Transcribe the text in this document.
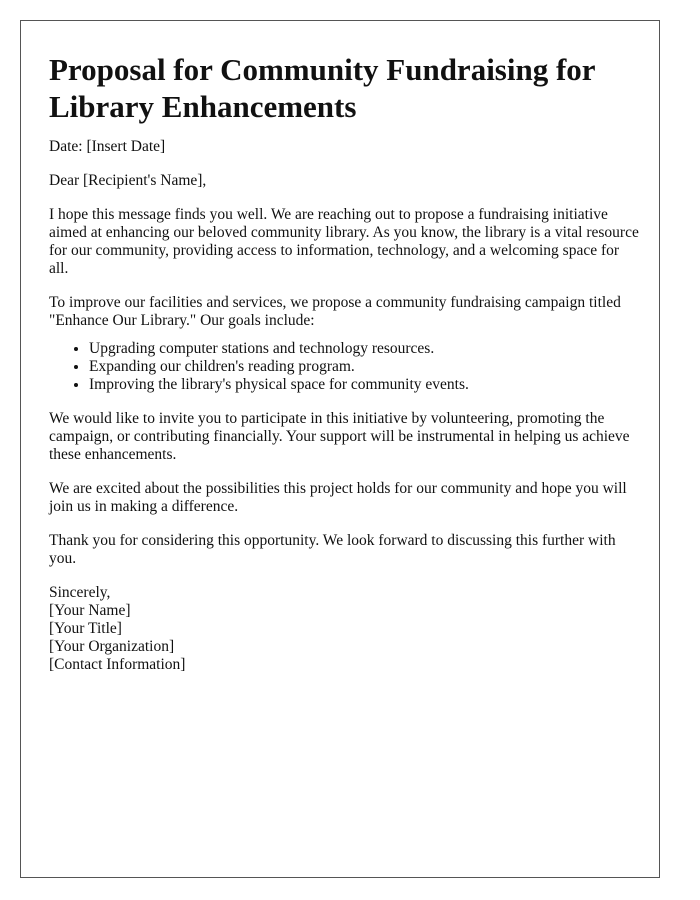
Proposal for Community Fundraising for Library Enhancements

Date: [Insert Date]

Dear [Recipient's Name],

I hope this message finds you well. We are reaching out to propose a fundraising initiative aimed at enhancing our beloved community library. As you know, the library is a vital resource for our community, providing access to information, technology, and a welcoming space for all.

To improve our facilities and services, we propose a community fundraising campaign titled "Enhance Our Library." Our goals include:

• Upgrading computer stations and technology resources.
• Expanding our children's reading program.
• Improving the library's physical space for community events.

We would like to invite you to participate in this initiative by volunteering, promoting the campaign, or contributing financially. Your support will be instrumental in helping us achieve these enhancements.

We are excited about the possibilities this project holds for our community and hope you will join us in making a difference.

Thank you for considering this opportunity. We look forward to discussing this further with you.

Sincerely,
[Your Name]
[Your Title]
[Your Organization]
[Contact Information]
